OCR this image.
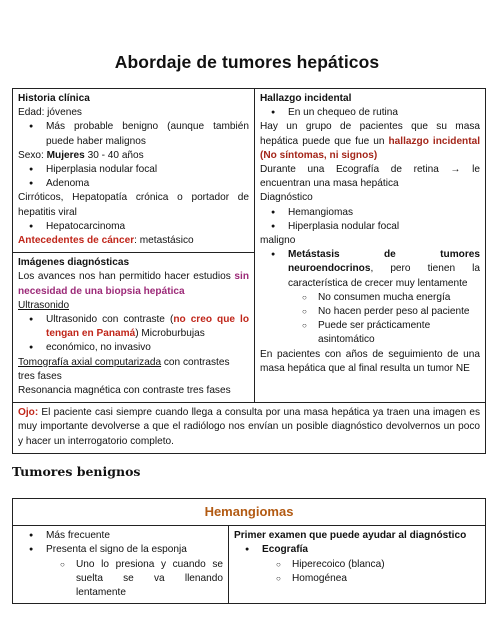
Abordaje de tumores hepáticos
Historia clínica
Edad: jóvenes
● Más probable benigno (aunque también puede haber malignos
Sexo: Mujeres 30 - 40 años
● Hiperplasia nodular focal
● Adenoma
Cirróticos, Hepatopatía crónica o portador de hepatitis viral
● Hepatocarcinoma
Antecedentes de cáncer: metastásico

Hallazgo incidental
● En un chequeo de rutina
Hay un grupo de pacientes que su masa hepática puede que fue un hallazgo incidental (No síntomas, ni signos)
Durante una Ecografía de retina → le encuentran una masa hepática
Diagnóstico
● Hemangiomas
● Hiperplasia nodular focal
maligno
● Metástasis de tumores neuroendocrinos, pero tienen la característica de crecer muy lentamente
○ No consumen mucha energía
○ No hacen perder peso al paciente
○ Puede ser prácticamente asintomático
En pacientes con años de seguimiento de una masa hepática que al final resulta un tumor NE

Imágenes diagnósticas
Los avances nos han permitido hacer estudios sin necesidad de una biopsia hepática
Ultrasonido
● Ultrasonido con contraste (no creo que lo tengan en Panamá) Microburbujas
● económico, no invasivo
Tomografía axial computarizada con contrastes tres fases
Resonancia magnética con contraste tres fases

Ojo: El paciente casi siempre cuando llega a consulta por una masa hepática ya traen una imagen es muy importante devolverse a que el radiólogo nos envían un posible diagnóstico devolvernos un poco y hacer un interrogatorio completo.
Tumores benignos
Hemangiomas

● Más frecuente
● Presenta el signo de la esponja
○ Uno lo presiona y cuando se suelta se va llenando lentamente

Primer examen que puede ayudar al diagnóstico
● Ecografía
○ Hiperecoico (blanca)
○ Homogénea
